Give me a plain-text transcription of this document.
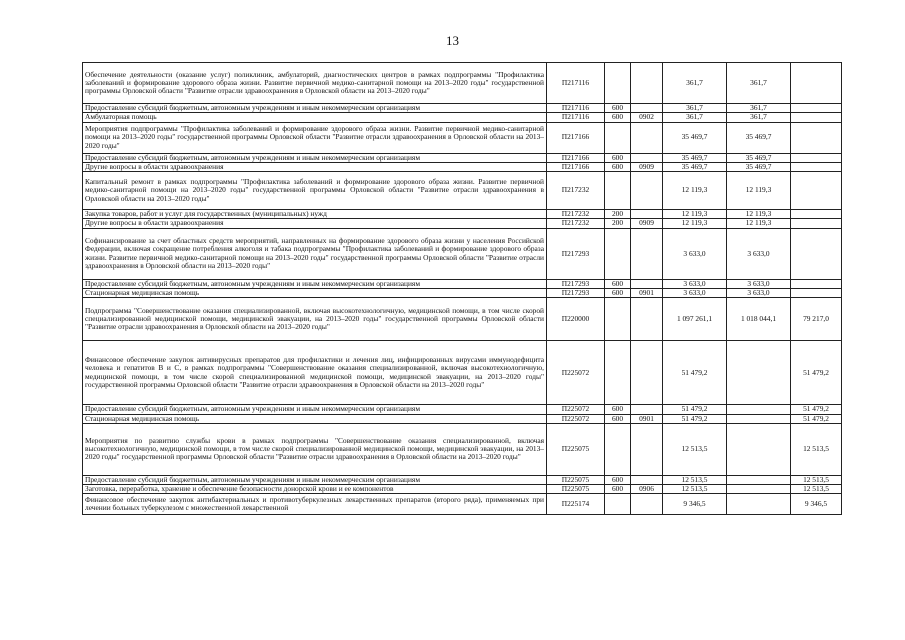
13
Обеспечение деятельности (оказание услуг) поликлиник, амбулаторий, диагностических центров в рамках подпрограммы "Профилактика заболеваний и формирование здорового образа жизни. Развитие первичной медико-санитарной помощи на 2013–2020 годы" государственной программы Орловской области "Развитие отрасли здравоохранения в Орловской области на 2013–2020 годы"	П217116			361,7	361,7	
Предоставление субсидий бюджетным, автономным учреждениям и иным некоммерческим организациям	П217116	600		361,7	361,7	
Амбулаторная помощь	П217116	600	0902	361,7	361,7	
Мероприятия подпрограммы "Профилактика заболеваний и формирование здорового образа жизни. Развитие первичной медико-санитарной помощи на 2013–2020 годы" государственной программы Орловской области "Развитие отрасли здравоохранения в Орловской области на 2013–2020 годы"	П217166			35 469,7	35 469,7	
Предоставление субсидий бюджетным, автономным учреждениям и иным некоммерческим организациям	П217166	600		35 469,7	35 469,7	
Другие вопросы в области здравоохранения	П217166	600	0909	35 469,7	35 469,7	
Капитальный ремонт в рамках подпрограммы "Профилактика заболеваний и формирование здорового образа жизни. Развитие первичной медико-санитарной помощи на 2013–2020 годы" государственной программы Орловской области "Развитие отрасли здравоохранения в Орловской области на 2013–2020 годы"	П217232			12 119,3	12 119,3	
Закупка товаров, работ и услуг для государственных (муниципальных) нужд	П217232	200		12 119,3	12 119,3	
Другие вопросы в области здравоохранения	П217232	200	0909	12 119,3	12 119,3	
Софинансирование за счет областных средств мероприятий, направленных на формирование здорового образа жизни у населения Российской Федерации, включая сокращение потребления алкоголя и табака подпрограммы "Профилактика заболеваний и формирование здорового образа жизни. Развитие первичной медико-санитарной помощи на 2013–2020 годы" государственной программы Орловской области "Развитие отрасли здравоохранения в Орловской области на 2013–2020 годы"	П217293			3 633,0	3 633,0	
Предоставление субсидий бюджетным, автономным учреждениям и иным некоммерческим организациям	П217293	600		3 633,0	3 633,0	
Стационарная медицинская помощь	П217293	600	0901	3 633,0	3 633,0	
Подпрограмма "Совершенствование оказания специализированной, включая высокотехнологичную, медицинской помощи, в том числе скорой специализированной медицинской помощи, медицинской эвакуации, на 2013–2020 годы" государственной программы Орловской области "Развитие отрасли здравоохранения в Орловской области на 2013–2020 годы"	П220000			1 097 261,1	1 018 044,1	79 217,0
Финансовое обеспечение закупок антивирусных препаратов для профилактики и лечения лиц, инфицированных вирусами иммунодефицита человека и гепатитов В и С, в рамках подпрограммы "Совершенствование оказания специализированной, включая высокотехнологичную, медицинской помощи, в том числе скорой специализированной медицинской помощи, медицинской эвакуации, на 2013–2020 годы" государственной программы Орловской области "Развитие отрасли здравоохранения в Орловской области на 2013–2020 годы"	П225072			51 479,2		51 479,2
Предоставление субсидий бюджетным, автономным учреждениям и иным некоммерческим организациям	П225072	600		51 479,2		51 479,2
Стационарная медицинская помощь	П225072	600	0901	51 479,2		51 479,2
Мероприятия по развитию службы крови в рамках подпрограммы "Совершенствование оказания специализированной, включая высокотехнологичную, медицинской помощи, в том числе скорой специализированной медицинской помощи, медицинской эвакуации, на 2013–2020 годы" государственной программы Орловской области "Развитие отрасли здравоохранения в Орловской области на 2013–2020 годы"	П225075			12 513,5		12 513,5
Предоставление субсидий бюджетным, автономным учреждениям и иным некоммерческим организациям	П225075	600		12 513,5		12 513,5
Заготовка, переработка, хранение и обеспечение безопасности донорской крови и ее компонентов	П225075	600	0906	12 513,5		12 513,5
Финансовое обеспечение закупок антибактериальных и противотуберкулезных лекарственных препаратов (второго ряда), применяемых при лечении больных туберкулезом с множественной лекарственной	П225174			9 346,5		9 346,5
